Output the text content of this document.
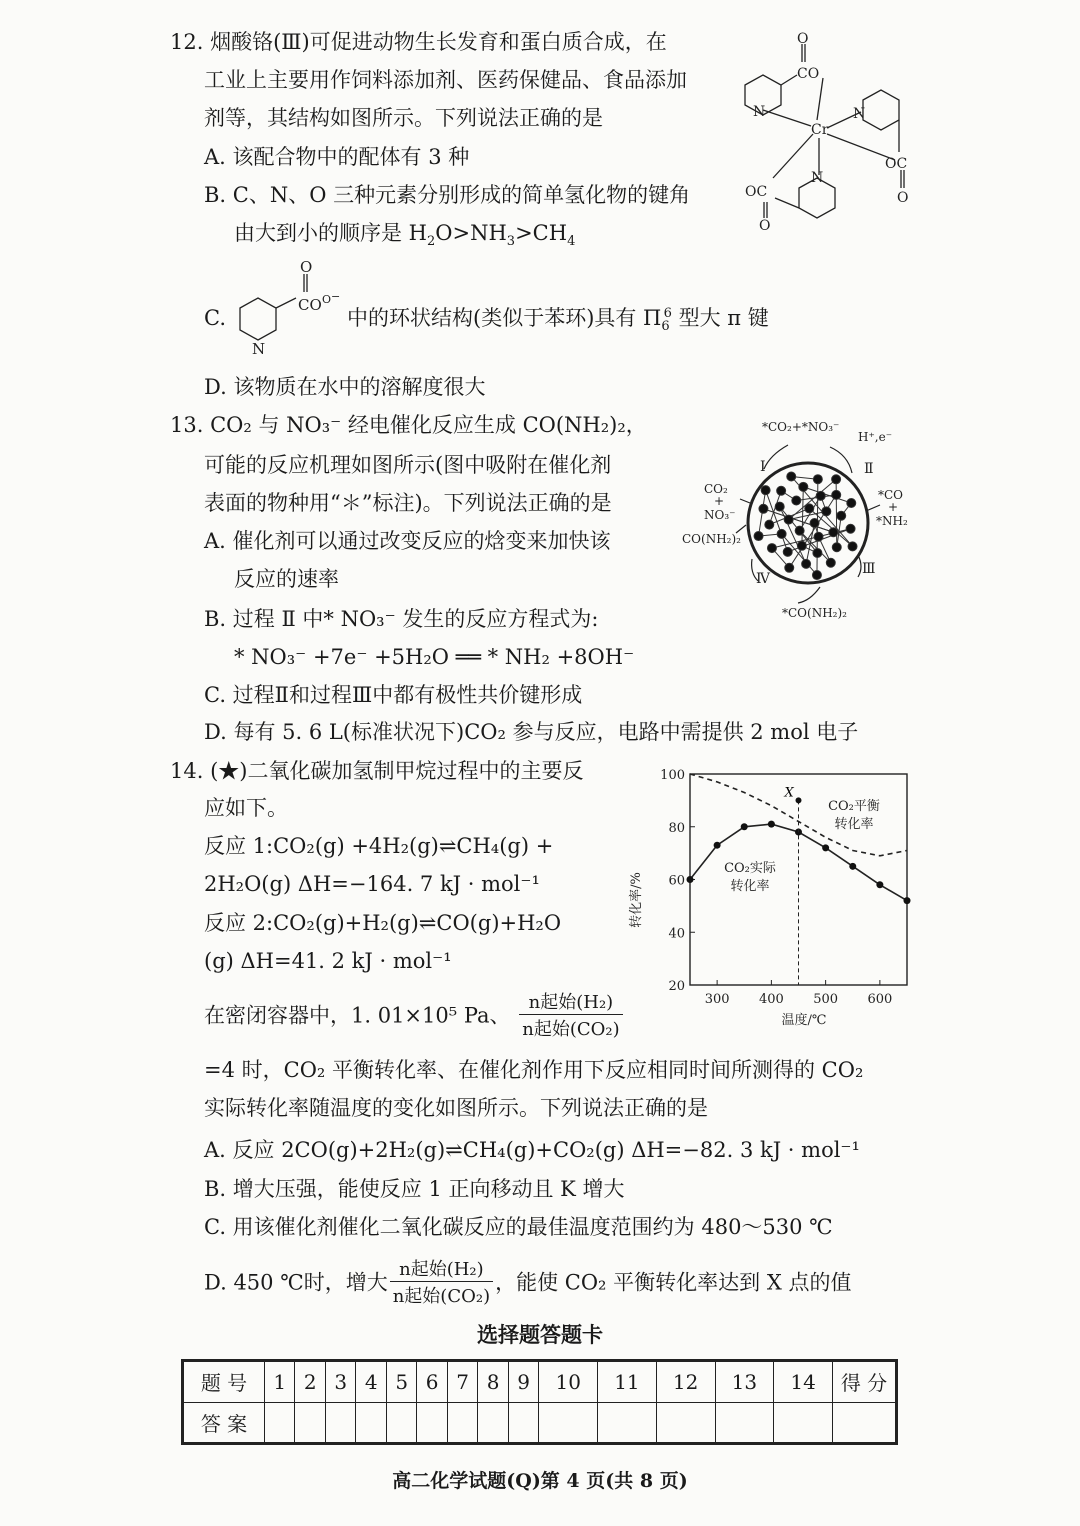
12. 烟酸铬(Ⅲ)可促进动物生长发育和蛋白质合成，在
工业上主要用作饲料添加剂、医药保健品、食品添加
剂等，其结构如图所示。下列说法正确的是
A. 该配合物中的配体有 3 种
B. C、N、O 三种元素分别形成的简单氢化物的键角
由大到小的顺序是 $H_2O>NH_3>CH_4$
O
CO
N
Cr
N
OC
O
OC
N
O
C.
O
CO O −
N
中的环状结构(类似于苯环)具有 $\Pi_6^6$ 型大 π 键
D. 该物质在水中的溶解度很大
13. CO₂ 与 NO₃⁻ 经电催化反应生成 CO(NH₂)₂，
可能的反应机理如图所示(图中吸附在催化剂
表面的物种用“＊”标注)。下列说法正确的是
A. 催化剂可以通过改变反应的焓变来加快该
反应的速率
B. 过程 Ⅱ 中* NO₃⁻ 发生的反应方程式为:
* NO₃⁻ +7e⁻ +5H₂O ══ * NH₂ +8OH⁻
C. 过程Ⅱ和过程Ⅲ中都有极性共价键形成
D. 每有 5. 6 L(标准状况下)CO₂ 参与反应，电路中需提供 2 mol 电子
*CO₂+*NO₃⁻
H⁺,e⁻
Ⅰ	Ⅱ
Ⅲ
Ⅳ
CO₂
+
NO₃⁻
CO(NH₂)₂
*CO
+
*NH₂
*CO(NH₂)₂
14. (★)二氧化碳加氢制甲烷过程中的主要反
应如下。
反应 1:CO₂(g) +4H₂(g)⇌CH₄(g) +
2H₂O(g) ΔH=−164. 7 kJ · mol⁻¹
反应 2:CO₂(g)+H₂(g)⇌CO(g)+H₂O
(g) ΔH=41. 2 kJ · mol⁻¹
在密闭容器中，1. 01×10⁵ Pa、 $\frac{\text{n起始(H₂)}}{\text{n起始(CO₂)}}$
=4 时，CO₂ 平衡转化率、在催化剂作用下反应相同时间所测得的 CO₂
实际转化率随温度的变化如图所示。下列说法正确的是
A. 反应 2CO(g)+2H₂(g)⇌CH₄(g)+CO₂(g) ΔH=−82. 3 kJ · mol⁻¹
B. 增大压强，能使反应 1 正向移动且 K 增大
C. 用该催化剂催化二氧化碳反应的最佳温度范围约为 480～530 ℃
D. 450 ℃时，增大 $\frac{\text{n起始(H₂)}}{\text{n起始(CO₂)}}$ ，能使 CO₂ 平衡转化率达到 X 点的值
300 400 500 600
20
40
60
80
100
X
转化率/%
温度/℃
CO₂平衡
转化率
CO₂实际
转化率
选择题答题卡
题 号	1	2	3	4	5	6	7	8	9	10	11	12	13	14	得 分
答 案															
高二化学试题(Q)第 4 页(共 8 页)
